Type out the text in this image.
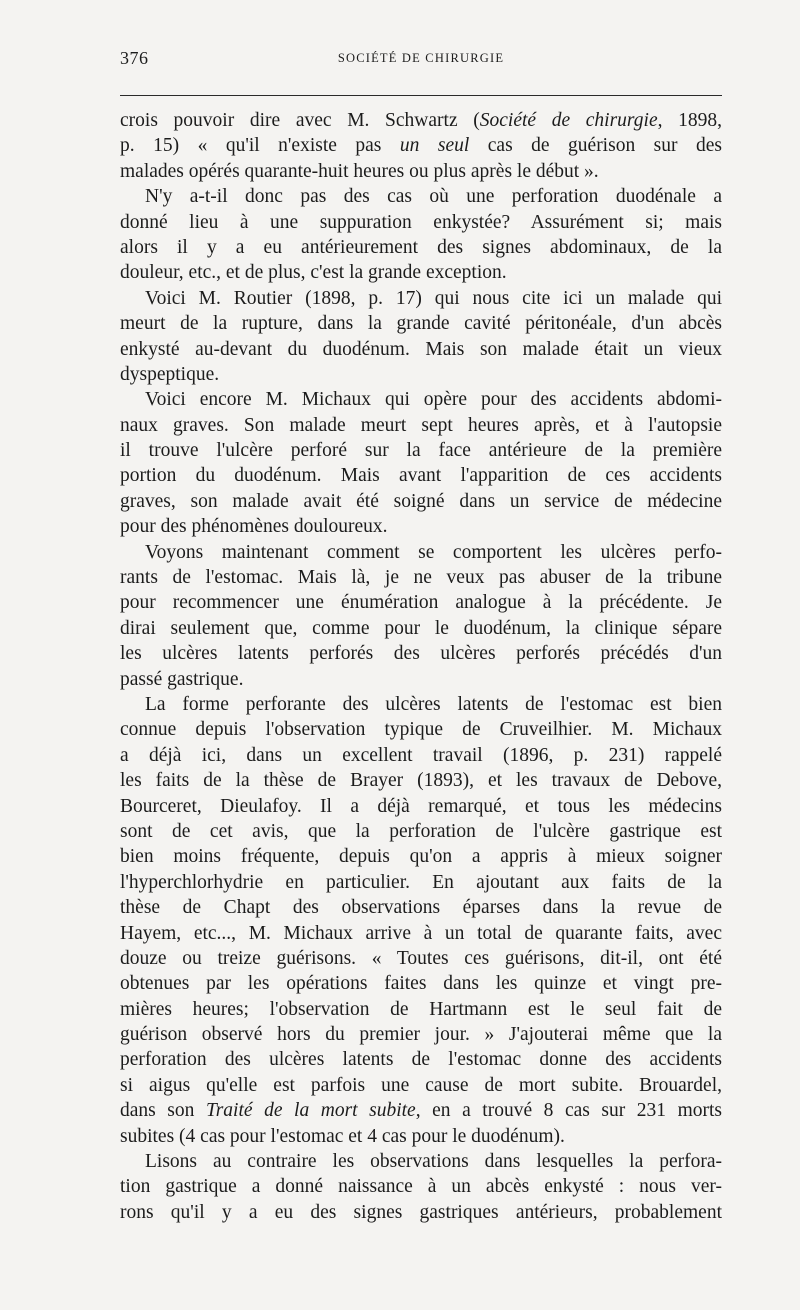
376	SOCIÉTÉ DE CHIRURGIE
crois pouvoir dire avec M. Schwartz (Société de chirurgie, 1898,
p. 15) « qu'il n'existe pas un seul cas de guérison sur des
malades opérés quarante-huit heures ou plus après le début ».
N'y a-t-il donc pas des cas où une perforation duodénale a
donné lieu à une suppuration enkystée? Assurément si; mais
alors il y a eu antérieurement des signes abdominaux, de la
douleur, etc., et de plus, c'est la grande exception.
Voici M. Routier (1898, p. 17) qui nous cite ici un malade qui
meurt de la rupture, dans la grande cavité péritonéale, d'un abcès
enkysté au-devant du duodénum. Mais son malade était un vieux
dyspeptique.
Voici encore M. Michaux qui opère pour des accidents abdomi-
naux graves. Son malade meurt sept heures après, et à l'autopsie
il trouve l'ulcère perforé sur la face antérieure de la première
portion du duodénum. Mais avant l'apparition de ces accidents
graves, son malade avait été soigné dans un service de médecine
pour des phénomènes douloureux.
Voyons maintenant comment se comportent les ulcères perfo-
rants de l'estomac. Mais là, je ne veux pas abuser de la tribune
pour recommencer une énumération analogue à la précédente. Je
dirai seulement que, comme pour le duodénum, la clinique sépare
les ulcères latents perforés des ulcères perforés précédés d'un
passé gastrique.
La forme perforante des ulcères latents de l'estomac est bien
connue depuis l'observation typique de Cruveilhier. M. Michaux
a déjà ici, dans un excellent travail (1896, p. 231) rappelé
les faits de la thèse de Brayer (1893), et les travaux de Debove,
Bourceret, Dieulafoy. Il a déjà remarqué, et tous les médecins
sont de cet avis, que la perforation de l'ulcère gastrique est
bien moins fréquente, depuis qu'on a appris à mieux soigner
l'hyperchlorhydrie en particulier. En ajoutant aux faits de la
thèse de Chapt des observations éparses dans la revue de
Hayem, etc..., M. Michaux arrive à un total de quarante faits, avec
douze ou treize guérisons. « Toutes ces guérisons, dit-il, ont été
obtenues par les opérations faites dans les quinze et vingt pre-
mières heures; l'observation de Hartmann est le seul fait de
guérison observé hors du premier jour. » J'ajouterai même que la
perforation des ulcères latents de l'estomac donne des accidents
si aigus qu'elle est parfois une cause de mort subite. Brouardel,
dans son Traité de la mort subite, en a trouvé 8 cas sur 231 morts
subites (4 cas pour l'estomac et 4 cas pour le duodénum).
Lisons au contraire les observations dans lesquelles la perfora-
tion gastrique a donné naissance à un abcès enkysté : nous ver-
rons qu'il y a eu des signes gastriques antérieurs, probablement
